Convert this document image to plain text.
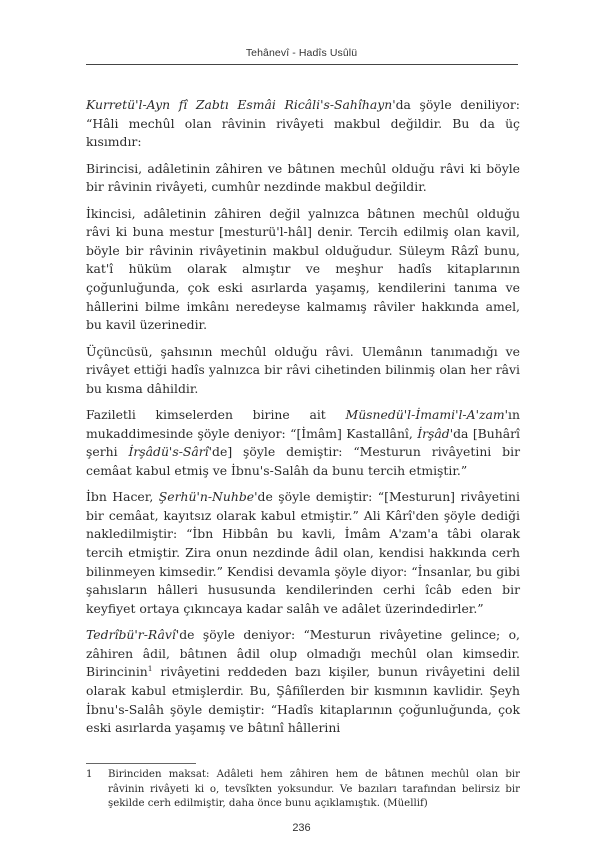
Tehânevî - Hadîs Usûlü

Kurretü'l-Ayn fî Zabtı Esmâi Ricâli's-Sahîhayn'da şöyle deniliyor: “Hâli mechûl olan râvinin rivâyeti makbul değildir. Bu da üç kısımdır:

Birincisi, adâletinin zâhiren ve bâtınen mechûl olduğu râvi ki böyle bir râvinin rivâyeti, cumhûr nezdinde makbul değildir.

İkincisi, adâletinin zâhiren değil yalnızca bâtınen mechûl olduğu râvi ki buna mestur [mesturü'l-hâl] denir. Tercih edilmiş olan kavil, böyle bir râvinin rivâyetinin makbul olduğudur. Süleym Râzî bunu, kat'î hüküm olarak almıştır ve meşhur hadîs kitaplarının çoğunluğunda, çok eski asırlarda yaşamış, kendilerini tanıma ve hâllerini bilme imkânı neredeyse kalmamış râviler hakkında amel, bu kavil üzerinedir.

Üçüncüsü, şahsının mechûl olduğu râvi. Ulemânın tanımadığı ve rivâyet ettiği hadîs yalnızca bir râvi cihetinden bilinmiş olan her râvi bu kısma dâhildir.

Faziletli kimselerden birine ait Müsnedü'l-İmami'l-A'zam'ın mukaddimesinde şöyle deniyor: “[İmâm] Kastallânî, İrşâd'da [Buhârî şerhi İrşâdü's-Sârî'de] şöyle demiştir: “Mesturun rivâyetini bir cemâat kabul etmiş ve İbnu's-Salâh da bunu tercih etmiştir.”

İbn Hacer, Şerhü'n-Nuhbe'de şöyle demiştir: “[Mesturun] rivâyetini bir cemâat, kayıtsız olarak kabul etmiştir.” Ali Kârî'den şöyle dediği nakledilmiştir: “İbn Hibbân bu kavli, İmâm A'zam'a tâbi olarak tercih etmiştir. Zira onun nezdinde âdil olan, kendisi hakkında cerh bilinmeyen kimsedir.” Kendisi devamla şöyle diyor: “İnsanlar, bu gibi şahısların hâlleri hususunda kendilerinden cerhi îcâb eden bir keyfiyet ortaya çıkıncaya kadar salâh ve adâlet üzerindedirler.”

Tedrîbü'r-Râvî'de şöyle deniyor: “Mesturun rivâyetine gelince; o, zâhiren âdil, bâtınen âdil olup olmadığı mechûl olan kimsedir. Birincinin$^1$ rivâyetini reddeden bazı kişiler, bunun rivâyetini delil olarak kabul etmişlerdir. Bu, Şâfiîlerden bir kısmının kavlidir. Şeyh İbnu's-Salâh şöyle demiştir: “Hadîs kitaplarının çoğunluğunda, çok eski asırlarda yaşamış ve bâtınî hâllerini

1 Birinciden maksat: Adâleti hem zâhiren hem de bâtınen mechûl olan bir râvinin rivâyeti ki o, tevsîkten yoksundur. Ve bazıları tarafından belirsiz bir şekilde cerh edilmiştir, daha önce bunu açıklamıştık. (Müellif)
236
